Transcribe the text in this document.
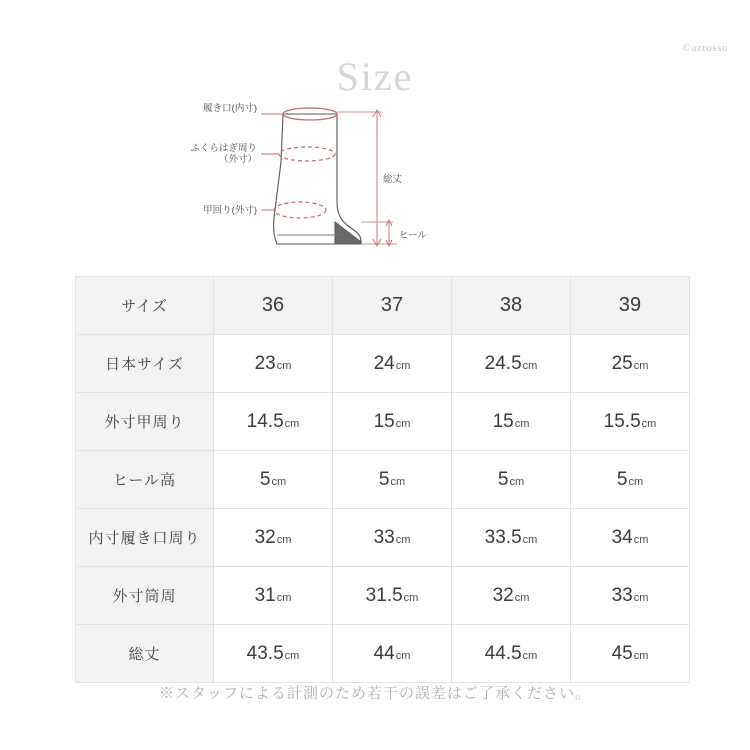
Size
©azrosso
履き口(内寸)
ふくらはぎ周り
（外寸）
甲回り(外寸)
総丈
ヒール
サイズ	36	37	38	39
日本サイズ	23cm	24cm	24.5cm	25cm
外寸甲周り	14.5cm	15cm	15cm	15.5cm
ヒール高	5cm	5cm	5cm	5cm
内寸履き口周り	32cm	33cm	33.5cm	34cm
外寸筒周	31cm	31.5cm	32cm	33cm
総丈	43.5cm	44cm	44.5cm	45cm
※スタッフによる計測のため若干の誤差はご了承ください。
